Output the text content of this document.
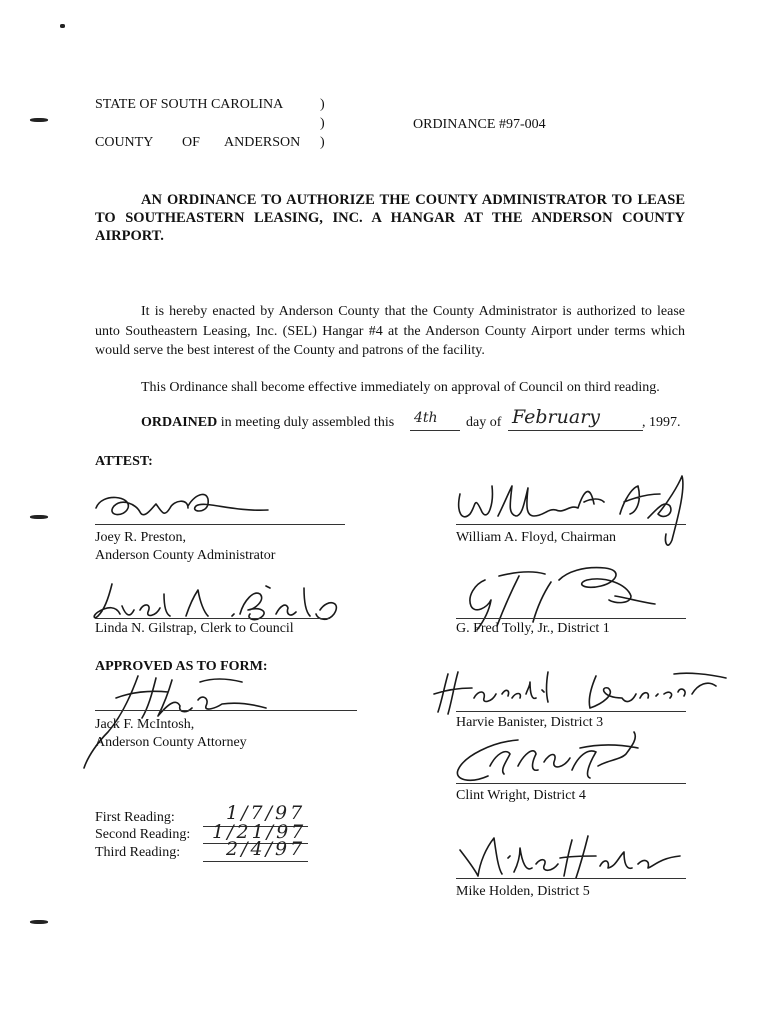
STATE OF SOUTH CAROLINA	)
)
)
COUNTY OF ANDERSON
ORDINANCE #97-004
AN ORDINANCE TO AUTHORIZE THE COUNTY ADMINISTRATOR TO LEASE TO SOUTHEASTERN LEASING, INC. A HANGAR AT THE ANDERSON COUNTY AIRPORT.
It is hereby enacted by Anderson County that the County Administrator is authorized to lease unto Southeastern Leasing, Inc. (SEL) Hangar #4 at the Anderson County Airport under terms which would serve the best interest of the County and patrons of the facility.
This Ordinance shall become effective immediately on approval of Council on third reading.
ORDAINED in meeting duly assembled this 4th day of February	, 1997.
ATTEST:
Joey R. Preston,
Anderson County Administrator
William A. Floyd, Chairman
Linda N. Gilstrap, Clerk to Council	G. Fred Tolly, Jr., District 1
APPROVED AS TO FORM:
Jack F. McIntosh,
Anderson County Attorney
Harvie Banister, District 3
Clint Wright, District 4
Mike Holden, District 5
First Reading:	1/7/97
Second Reading: 1/21/97
Third Reading: 2/4/97
